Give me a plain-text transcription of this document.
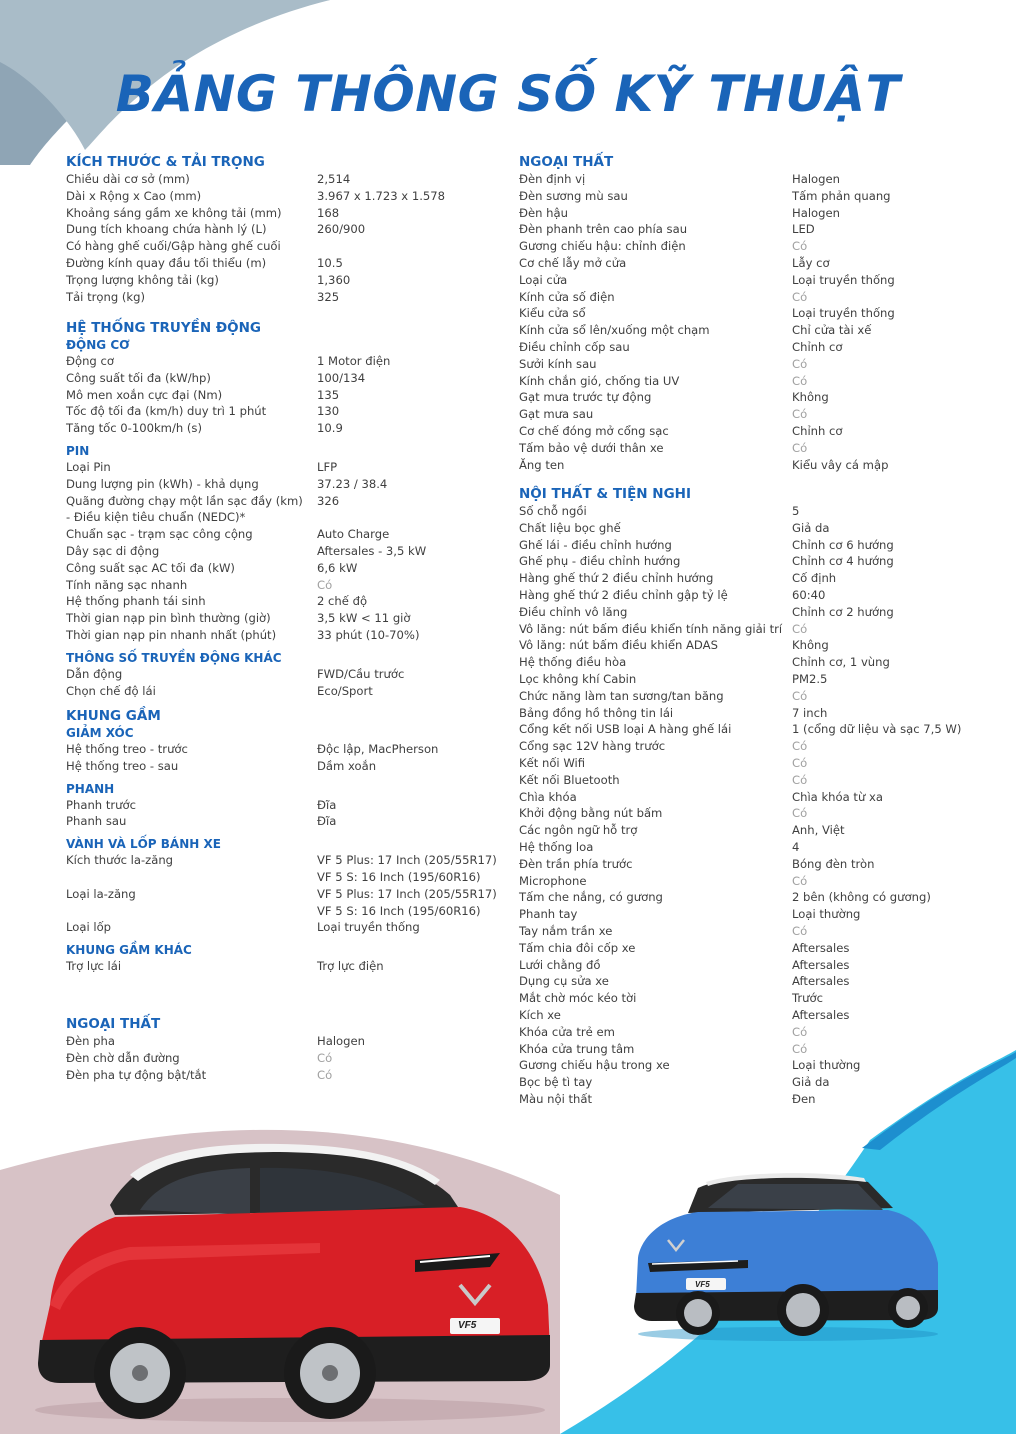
BẢNG THÔNG SỐ KỸ THUẬT
KÍCH THƯỚC & TẢI TRỌNG
Chiều dài cơ sở (mm)	2,514
Dài x Rộng x Cao (mm)	3.967 x 1.723 x 1.578
Khoảng sáng gầm xe không tải (mm)	168
Dung tích khoang chứa hành lý (L)	260/900
Có hàng ghế cuối/Gập hàng ghế cuối
Đường kính quay đầu tối thiểu (m)	10.5
Trọng lượng không tải (kg)	1,360
Tải trọng (kg)	325
HỆ THỐNG TRUYỀN ĐỘNG
ĐỘNG CƠ
Động cơ	1 Motor điện
Công suất tối đa (kW/hp)	100/134
Mô men xoắn cực đại (Nm)	135
Tốc độ tối đa (km/h) duy trì 1 phút	130
Tăng tốc 0-100km/h (s)	10.9
PIN
Loại Pin	LFP
Dung lượng pin (kWh) - khả dụng	37.23 / 38.4
Quãng đường chạy một lần sạc đầy (km) - Điều kiện tiêu chuẩn (NEDC)*
326
Chuẩn sạc - trạm sạc công cộng	Auto Charge
Dây sạc di động	Aftersales - 3,5 kW
Công suất sạc AC tối đa (kW)	6,6 kW
Tính năng sạc nhanh	Có
Hệ thống phanh tái sinh	2 chế độ
Thời gian nạp pin bình thường (giờ)	3,5 kW < 11 giờ
Thời gian nạp pin nhanh nhất (phút)	33 phút (10-70%)
THÔNG SỐ TRUYỀN ĐỘNG KHÁC
Dẫn động	FWD/Cầu trước
Chọn chế độ lái	Eco/Sport
KHUNG GẦM
GIẢM XÓC
Hệ thống treo - trước	Độc lập, MacPherson
Hệ thống treo - sau	Dầm xoắn
PHANH
Phanh trước	Đĩa
Phanh sau	Đĩa
VÀNH VÀ LỐP BÁNH XE
Kích thước la-zăng	VF 5 Plus: 17 Inch (205/55R17)

VF 5 S: 16 Inch (195/60R16)
Loại la-zăng	VF 5 Plus: 17 Inch (205/55R17)

VF 5 S: 16 Inch (195/60R16)
Loại lốp	Loại truyền thống
KHUNG GẦM KHÁC
Trợ lực lái	Trợ lực điện
NGOẠI THẤT
Đèn pha	Halogen
Đèn chờ dẫn đường	Có
Đèn pha tự động bật/tắt	Có
NGOẠI THẤT
Đèn định vị	Halogen
Đèn sương mù sau	Tấm phản quang
Đèn hậu	Halogen
Đèn phanh trên cao phía sau	LED
Gương chiếu hậu: chỉnh điện	Có
Cơ chế lẫy mở cửa	Lẫy cơ
Loại cửa	Loại truyền thống
Kính cửa số điện	Có
Kiểu cửa sổ	Loại truyền thống
Kính cửa sổ lên/xuống một chạm	Chỉ cửa tài xế
Điều chỉnh cốp sau	Chỉnh cơ
Sưởi kính sau	Có
Kính chắn gió, chống tia UV	Có
Gạt mưa trước tự động	Không
Gạt mưa sau	Có
Cơ chế đóng mở cổng sạc	Chỉnh cơ
Tấm bảo vệ dưới thân xe	Có
Ăng ten	Kiểu vây cá mập
NỘI THẤT & TIỆN NGHI
Số chỗ ngồi	5
Chất liệu bọc ghế	Giả da
Ghế lái - điều chỉnh hướng	Chỉnh cơ 6 hướng
Ghế phụ - điều chỉnh hướng	Chỉnh cơ 4 hướng
Hàng ghế thứ 2 điều chỉnh hướng	Cố định
Hàng ghế thứ 2 điều chỉnh gập tỷ lệ	60:40
Điều chỉnh vô lăng	Chỉnh cơ 2 hướng
Vô lăng: nút bấm điều khiển tính năng giải trí Có
Vô lăng: nút bấm điều khiển ADAS	Không
Hệ thống điều hòa	Chỉnh cơ, 1 vùng
Lọc không khí Cabin	PM2.5
Chức năng làm tan sương/tan băng	Có
Bảng đồng hồ thông tin lái	7 inch
Cổng kết nối USB loại A hàng ghế lái	1 (cổng dữ liệu và sạc 7,5 W)
Cổng sạc 12V hàng trước	Có
Kết nối Wifi	Có
Kết nối Bluetooth	Có
Chìa khóa	Chìa khóa từ xa
Khởi động bằng nút bấm	Có
Các ngôn ngữ hỗ trợ	Anh, Việt
Hệ thống loa	4
Đèn trần phía trước	Bóng đèn tròn
Microphone	Có
Tấm che nắng, có gương	2 bên (không có gương)
Phanh tay	Loại thường
Tay nắm trần xe	Có
Tấm chia đôi cốp xe	Aftersales
Lưới chằng đồ	Aftersales
Dụng cụ sửa xe	Aftersales
Mắt chờ móc kéo tời	Trước
Kích xe	Aftersales
Khóa cửa trẻ em	Có
Khóa cửa trung tâm	Có
Gương chiếu hậu trong xe	Loại thường
Bọc bệ tì tay	Giả da
Màu nội thất	Đen
VF5
VF5
